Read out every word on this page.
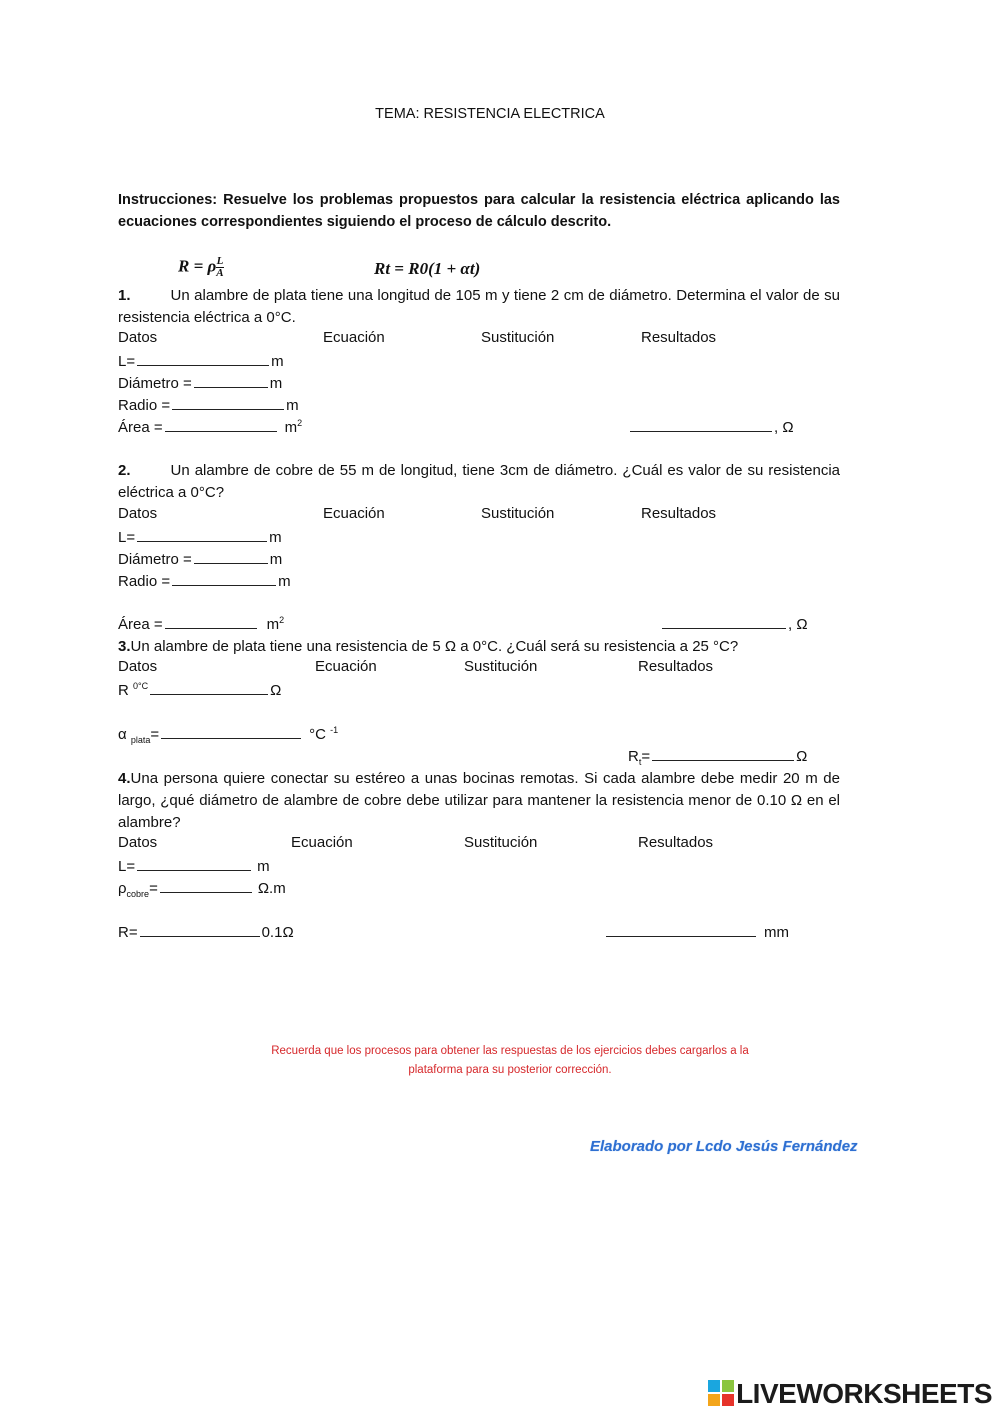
TEMA: RESISTENCIA ELECTRICA
Instrucciones: Resuelve los problemas propuestos para calcular la resistencia eléctrica aplicando las ecuaciones correspondientes siguiendo el proceso de cálculo descrito.
R = ρ $\frac{L}{A}$	Rt = R0(1 + αt)
1.	Un alambre de plata tiene una longitud de 105 m y tiene 2 cm de diámetro. Determina el valor de su resistencia eléctrica a 0°C.
Datos	Ecuación	Sustitución	Resultados
L=	m
Diámetro =	m
Radio =	m
Área =	$m^2$	, Ω
2.	Un alambre de cobre de 55 m de longitud, tiene 3cm de diámetro. ¿Cuál es valor de su resistencia eléctrica a 0°C?
Datos	Ecuación	Sustitución	Resultados
L=	m
Diámetro =	m
Radio =	m
Área =	$m^2$	, Ω
3.Un alambre de plata tiene una resistencia de 5 Ω a 0°C. ¿Cuál será su resistencia a 25 °C?
Datos	Ecuación	Sustitución	Resultados
R $^{0^\circ C}$	Ω
α $_{plata}$=	°C $^{-1}$
$R_t=$	Ω
4.Una persona quiere conectar su estéreo a unas bocinas remotas. Si cada alambre debe medir 20 m de largo, ¿qué diámetro de alambre de cobre debe utilizar para mantener la resistencia menor de 0.10 Ω en el alambre?
Datos	Ecuación	Sustitución	Resultados
L=	m
$\rho_{cobre}=$	Ω.m
R=	0.1Ω	mm
Recuerda que los procesos para obtener las respuestas de los ejercicios debes cargarlos a la plataforma para su posterior corrección.
Elaborado por Lcdo Jesús Fernández
LIVEWORKSHEETS
